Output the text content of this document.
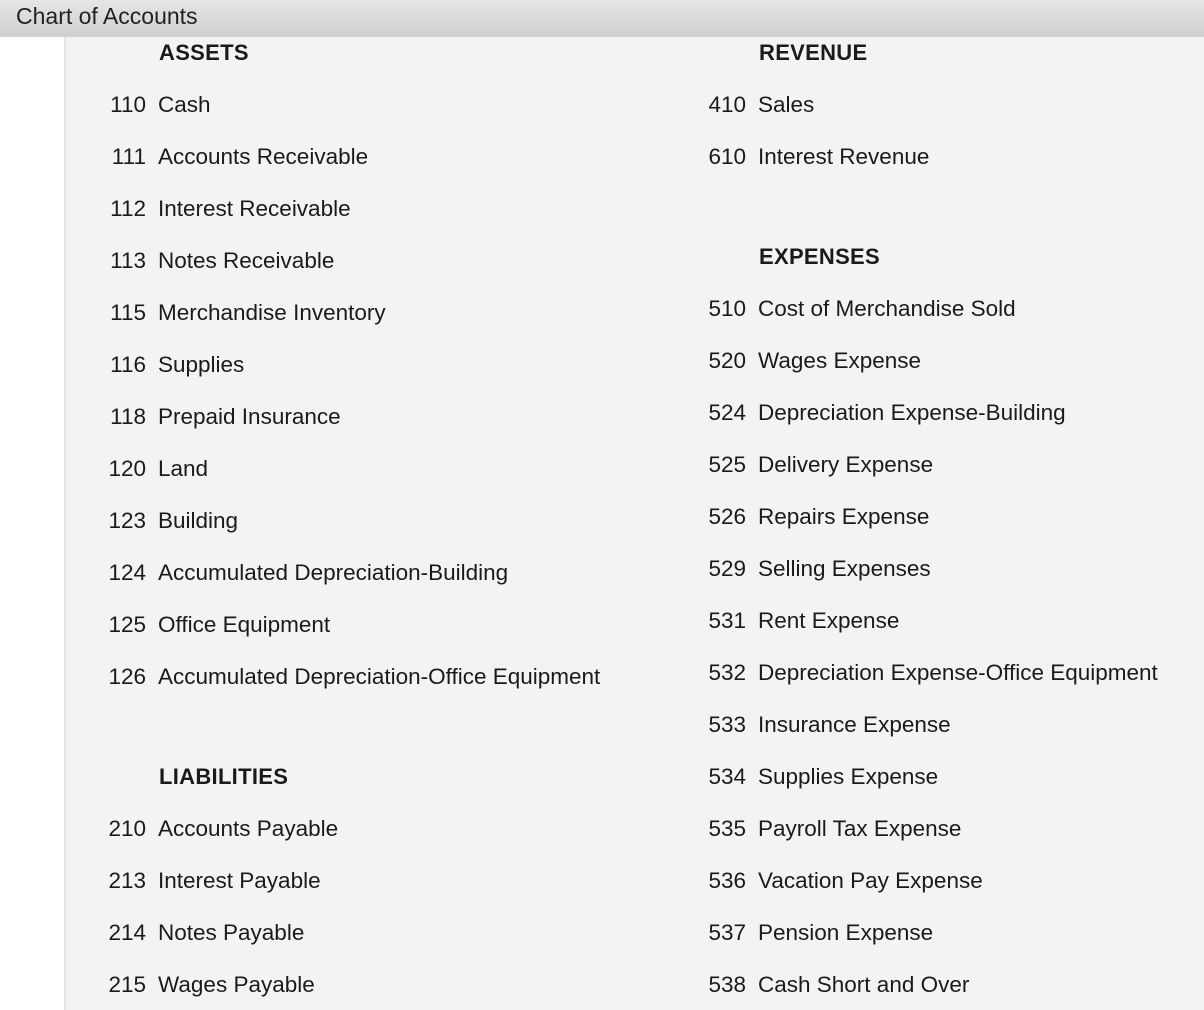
Chart of Accounts
ASSETS
110 Cash
111 Accounts Receivable
112 Interest Receivable
113 Notes Receivable
115 Merchandise Inventory
116 Supplies
118 Prepaid Insurance
120 Land
123 Building
124 Accumulated Depreciation-Building
125 Office Equipment
126 Accumulated Depreciation-Office Equipment
LIABILITIES
210 Accounts Payable
213 Interest Payable
214 Notes Payable
215 Wages Payable
REVENUE
410 Sales
610 Interest Revenue
EXPENSES
510 Cost of Merchandise Sold
520 Wages Expense
524 Depreciation Expense-Building
525 Delivery Expense
526 Repairs Expense
529 Selling Expenses
531 Rent Expense
532 Depreciation Expense-Office Equipment
533 Insurance Expense
534 Supplies Expense
535 Payroll Tax Expense
536 Vacation Pay Expense
537 Pension Expense
538 Cash Short and Over
